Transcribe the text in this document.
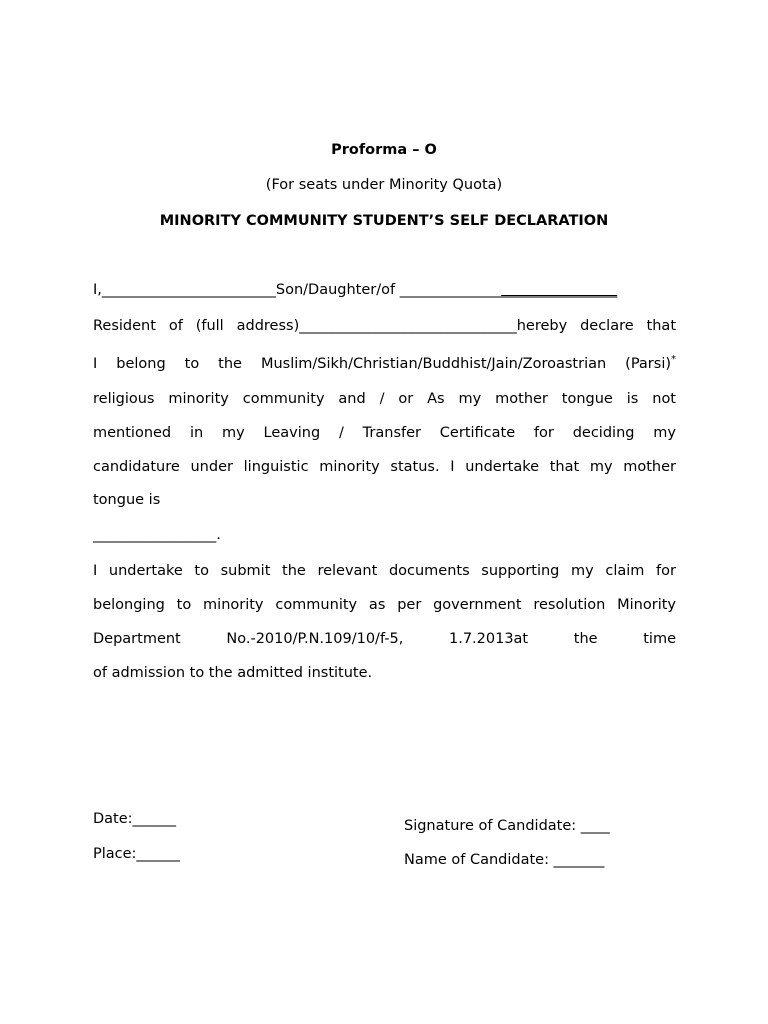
Proforma – O
(For seats under Minority Quota)
MINORITY COMMUNITY STUDENT’S SELF DECLARATION
I,________________________Son/Daughter/of ______________________________
Resident of (full address)______________________________hereby declare that
I belong to the Muslim/Sikh/Christian/Buddhist/Jain/Zoroastrian (Parsi)*
religious minority community and / or As my mother tongue is not
mentioned in my Leaving / Transfer Certificate for deciding my
candidature under linguistic minority status. I undertake that my mother
tongue is
_________________.
I undertake to submit the relevant documents supporting my claim for
belonging to minority community as per government resolution Minority
Department No.-2010/P.N.109/10/f-5, 1.7.2013at the time
of admission to the admitted institute.
Date:______
Place:______
Signature of Candidate: ____
Name of Candidate: _______
